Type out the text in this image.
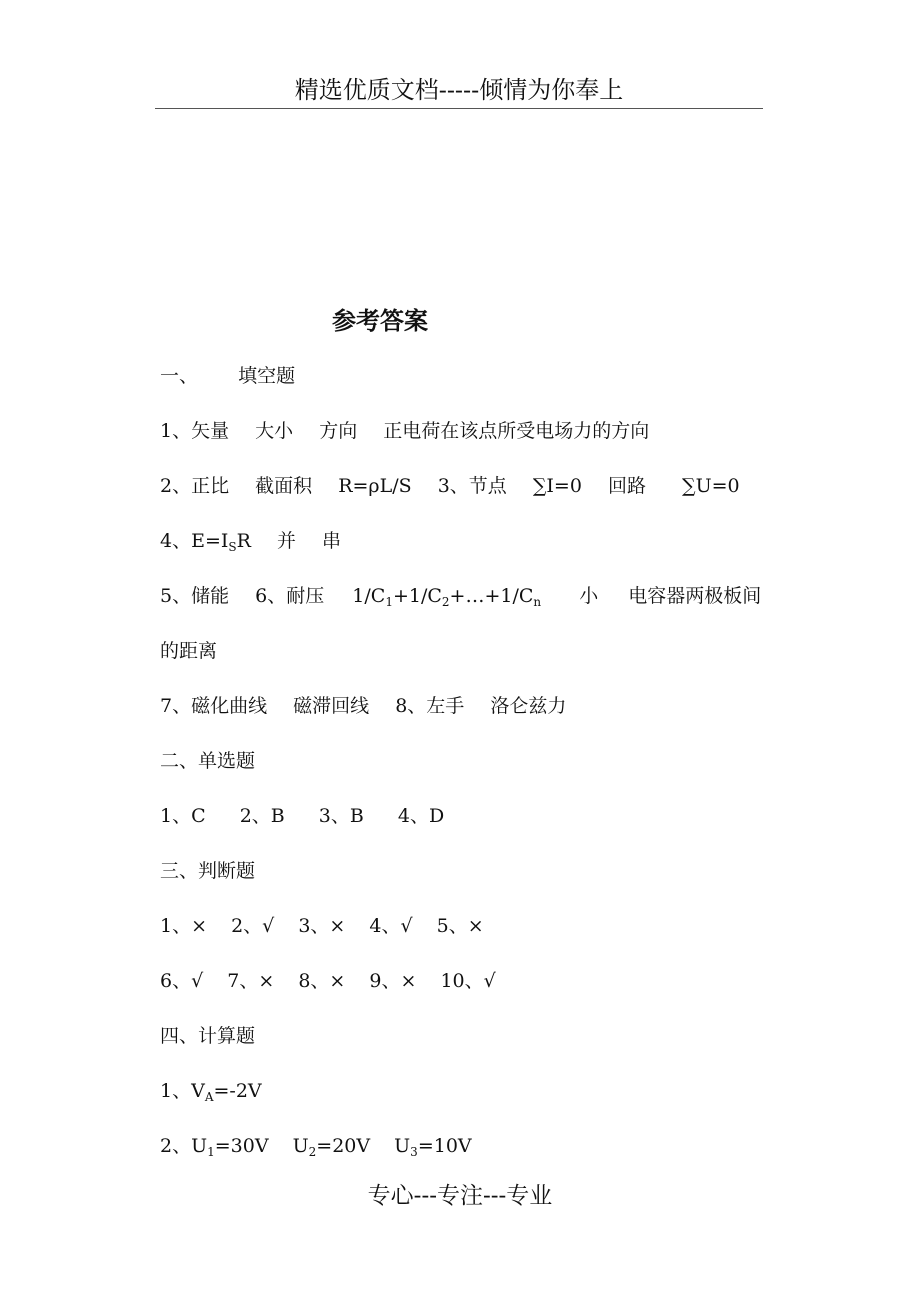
精选优质文档-----倾情为你奉上
参考答案
一、 填空题
1、矢量 大小 方向 正电荷在该点所受电场力的方向
2、正比 截面积 R=ρL/S 3、节点 ∑I=0 回路 ∑U=0
4、$E=I_SR$ 并 串
5、储能 6、耐压 $1/C_1+1/C_2+\dots+1/C_n$ 小 电容器两极板间
的距离
7、磁化曲线 磁滞回线 8、左手 洛仑兹力
二、单选题
1、C 2、B 3、B 4、D
三、判断题
1、× 2、√ 3、× 4、√ 5、×
6、√ 7、× 8、× 9、× 10、√
四、计算题
1、$V_A=-2V$
2、$U_1=30V$ $U_2=20V$ $U_3=10V$
专心---专注---专业
